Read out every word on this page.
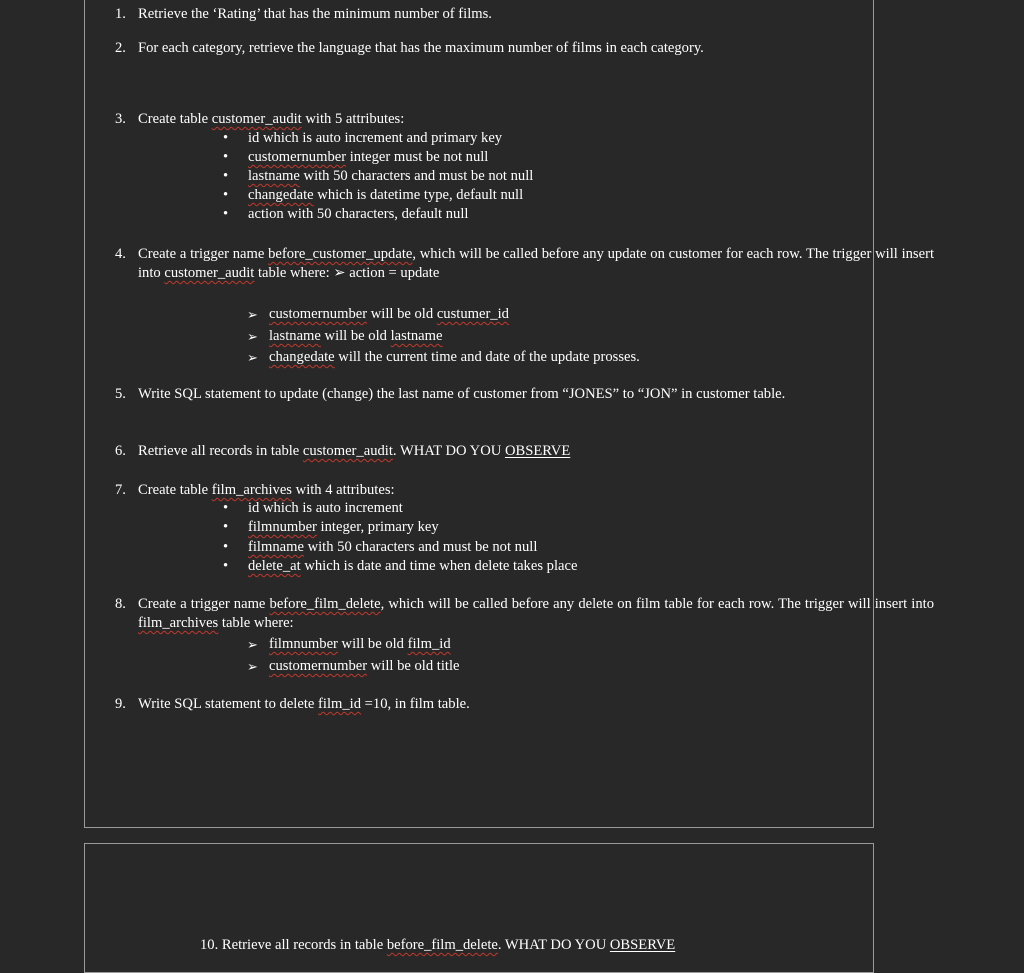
1. Retrieve the ‘Rating’ that has the minimum number of films.
2. For each category, retrieve the language that has the maximum number of films in each category.
3. Create table customer_audit with 5 attributes:
• id which is auto increment and primary key
• customernumber integer must be not null
• lastname with 50 characters and must be not null
• changedate which is datetime type, default null
• action with 50 characters, default null
4. Create a trigger name before_customer_update, which will be called before any update on customer for each row. The trigger will insert into customer_audit table where: ➢ action = update
➢ customernumber will be old custumer_id
➢ lastname will be old lastname
➢ changedate will the current time and date of the update prosses.
5. Write SQL statement to update (change) the last name of customer from “JONES” to “JON” in customer table.
6. Retrieve all records in table customer_audit. WHAT DO YOU OBSERVE
7. Create table film_archives with 4 attributes:
• id which is auto increment
• filmnumber integer, primary key
• filmname with 50 characters and must be not null
• delete_at which is date and time when delete takes place
8. Create a trigger name before_film_delete, which will be called before any delete on film table for each row. The trigger will insert into film_archives table where:
➢ filmnumber will be old film_id
➢ customernumber will be old title
9. Write SQL statement to delete film_id =10, in film table.
10. Retrieve all records in table before_film_delete. WHAT DO YOU OBSERVE
